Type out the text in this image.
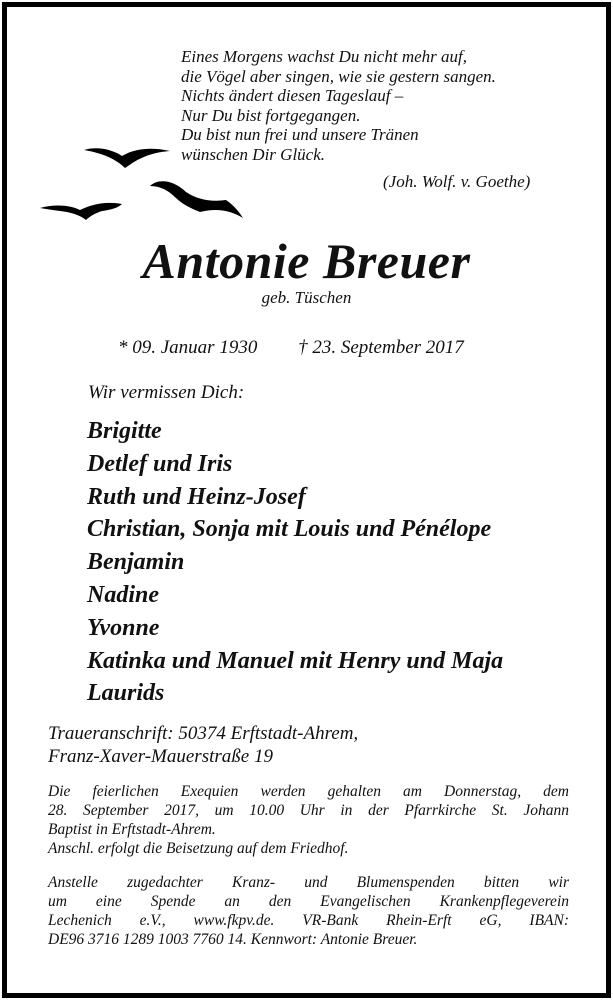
Eines Morgens wachst Du nicht mehr auf,
die Vögel aber singen, wie sie gestern sangen.
Nichts ändert diesen Tageslauf –
Nur Du bist fortgegangen.
Du bist nun frei und unsere Tränen
wünschen Dir Glück.
(Joh. Wolf. v. Goethe)
Antonie Breuer
geb. Tüschen
* 09. Januar 1930 † 23. September 2017
Wir vermissen Dich:
Brigitte
Detlef und Iris
Ruth und Heinz-Josef
Christian, Sonja mit Louis und Pénélope
Benjamin
Nadine
Yvonne
Katinka und Manuel mit Henry und Maja
Laurids
Traueranschrift: 50374 Erftstadt-Ahrem,
Franz-Xaver-Mauerstraße 19
Die feierlichen Exequien werden gehalten am Donnerstag, dem
28. September 2017, um 10.00 Uhr in der Pfarrkirche St. Johann
Baptist in Erftstadt-Ahrem.
Anschl. erfolgt die Beisetzung auf dem Friedhof.
Anstelle zugedachter Kranz- und Blumenspenden bitten wir
um eine Spende an den Evangelischen Krankenpflegeverein
Lechenich e.V., www.fkpv.de. VR-Bank Rhein-Erft eG, IBAN:
DE96 3716 1289 1003 7760 14. Kennwort: Antonie Breuer.
